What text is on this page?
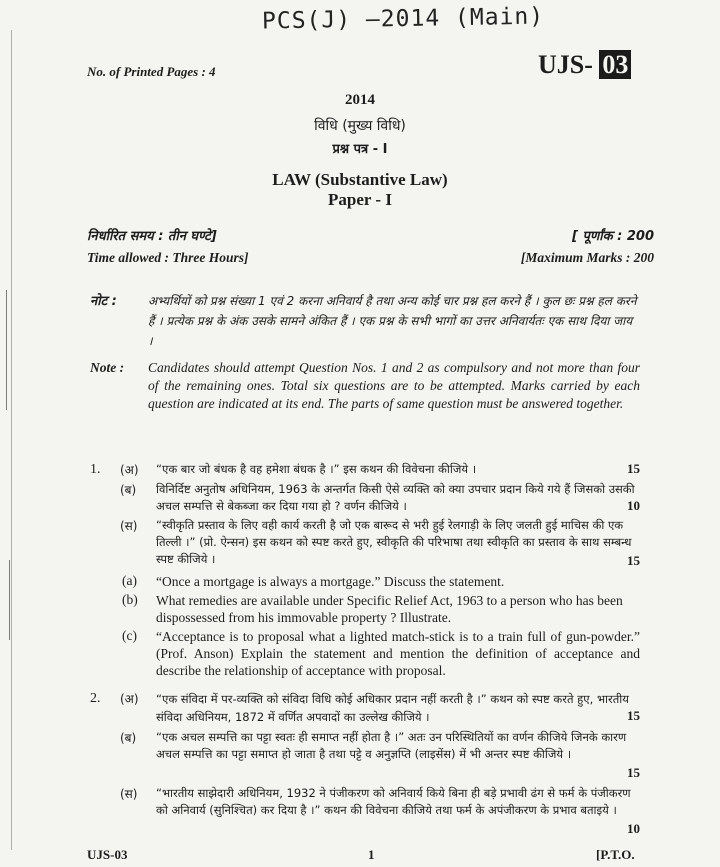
PCS(J) —2014 (Main)
No. of Printed Pages : 4	UJS- 03
2014
विधि (मुख्य विधि)
प्रश्न पत्र - I
LAW (Substantive Law)
Paper - I
निर्धारित समय : तीन घण्टे]	[ पूर्णांक : 200
Time allowed : Three Hours]	[Maximum Marks : 200
नोट :	अभ्यर्थियों को प्रश्न संख्या 1 एवं 2 करना अनिवार्य है तथा अन्य कोई चार प्रश्न हल करने हैं । कुल छः प्रश्न हल करने हैं । प्रत्येक प्रश्न के अंक उसके सामने अंकित हैं । एक प्रश्न के सभी भागों का उत्तर अनिवार्यतः एक साथ दिया जाय ।
Note : Candidates should attempt Question Nos. 1 and 2 as compulsory and not more than four of the remaining ones. Total six questions are to be attempted. Marks carried by each question are indicated at its end. The parts of same question must be answered together.
1. (अ) “एक बार जो बंधक है वह हमेशा बंधक है ।” इस कथन की विवेचना कीजिये ।	15
(ब) विनिर्दिष्ट अनुतोष अधिनियम, 1963 के अन्तर्गत किसी ऐसे व्यक्ति को क्या उपचार प्रदान किये गये हैं जिसको उसकी अचल सम्पत्ति से बेकब्जा कर दिया गया हो ? वर्णन कीजिये ।	10
(स) “स्वीकृति प्रस्ताव के लिए वही कार्य करती है जो एक बारूद से भरी हुई रेलगाड़ी के लिए जलती हुई माचिस की एक तिल्ली ।” (प्रो. ऐन्सन) इस कथन को स्पष्ट करते हुए, स्वीकृति की परिभाषा तथा स्वीकृति का प्रस्ताव के साथ सम्बन्ध स्पष्ट कीजिये ।	15
(a) “Once a mortgage is always a mortgage.” Discuss the statement.
(b) What remedies are available under Specific Relief Act, 1963 to a person who has been dispossessed from his immovable property ? Illustrate.
(c) “Acceptance is to proposal what a lighted match-stick is to a train full of gun-powder.” (Prof. Anson) Explain the statement and mention the definition of acceptance and describe the relationship of acceptance with proposal.
2. (अ) “एक संविदा में पर-व्यक्ति को संविदा विधि कोई अधिकार प्रदान नहीं करती है ।” कथन को स्पष्ट करते हुए, भारतीय संविदा अधिनियम, 1872 में वर्णित अपवादों का उल्लेख कीजिये ।	15
(ब) “एक अचल सम्पत्ति का पट्टा स्वतः ही समाप्त नहीं होता है ।” अतः उन परिस्थितियों का वर्णन कीजिये जिनके कारण अचल सम्पत्ति का पट्टा समाप्त हो जाता है तथा पट्टे व अनुज्ञप्ति (लाइसेंस) में भी अन्तर स्पष्ट कीजिये ।
15
(स) “भारतीय साझेदारी अधिनियम, 1932 ने पंजीकरण को अनिवार्य किये बिना ही बड़े प्रभावी ढंग से फर्म के पंजीकरण को अनिवार्य (सुनिश्चित) कर दिया है ।” कथन की विवेचना कीजिये तथा फर्म के अपंजीकरण के प्रभाव बताइये ।
10
UJS-03	1	[P.T.O.
